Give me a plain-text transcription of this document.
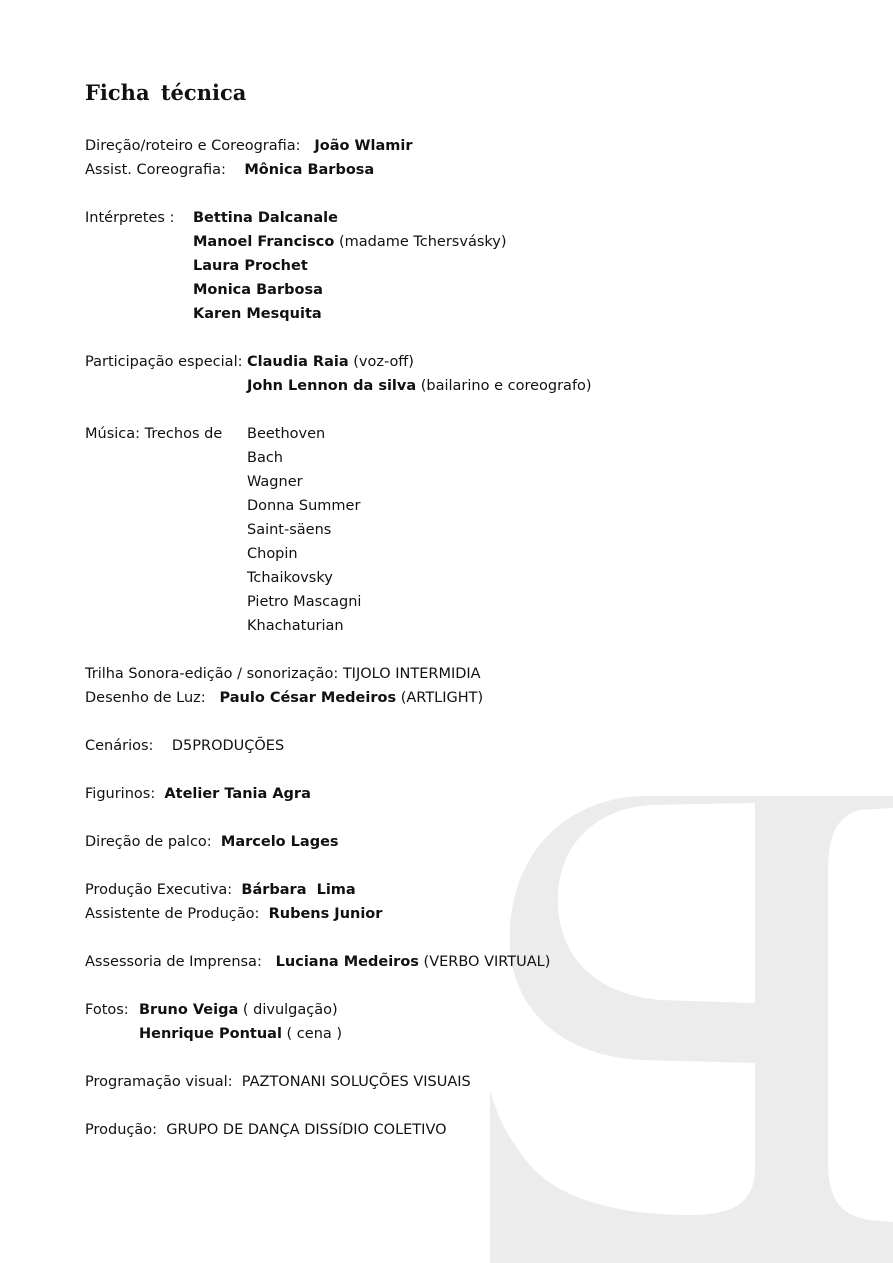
Ficha técnica
Direção/roteiro e Coreografia: João Wlamir
Assist. Coreografia: Mônica Barbosa
Intérpretes : Bettina Dalcanale
Manoel Francisco (madame Tchersvásky)
Laura Prochet
Monica Barbosa
Karen Mesquita
Participação especial: Claudia Raia (voz-off)
John Lennon da silva (bailarino e coreografo)
Música: Trechos de Beethoven
Bach
Wagner
Donna Summer
Saint-säens
Chopin
Tchaikovsky
Pietro Mascagni
Khachaturian
Trilha Sonora-edição / sonorização: TIJOLO INTERMIDIA
Desenho de Luz: Paulo César Medeiros (ARTLIGHT)
Cenários: D5PRODUÇÕES
Figurinos: Atelier Tania Agra
Direção de palco: Marcelo Lages
Produção Executiva: Bárbara  Lima
Assistente de Produção: Rubens Junior
Assessoria de Imprensa: Luciana Medeiros (VERBO VIRTUAL)
Fotos: Bruno Veiga ( divulgação)
Henrique Pontual ( cena )
Programação visual: PAZTONANI SOLUÇÕES VISUAIS
Produção: GRUPO DE DANÇA DISSíDIO COLETIVO
